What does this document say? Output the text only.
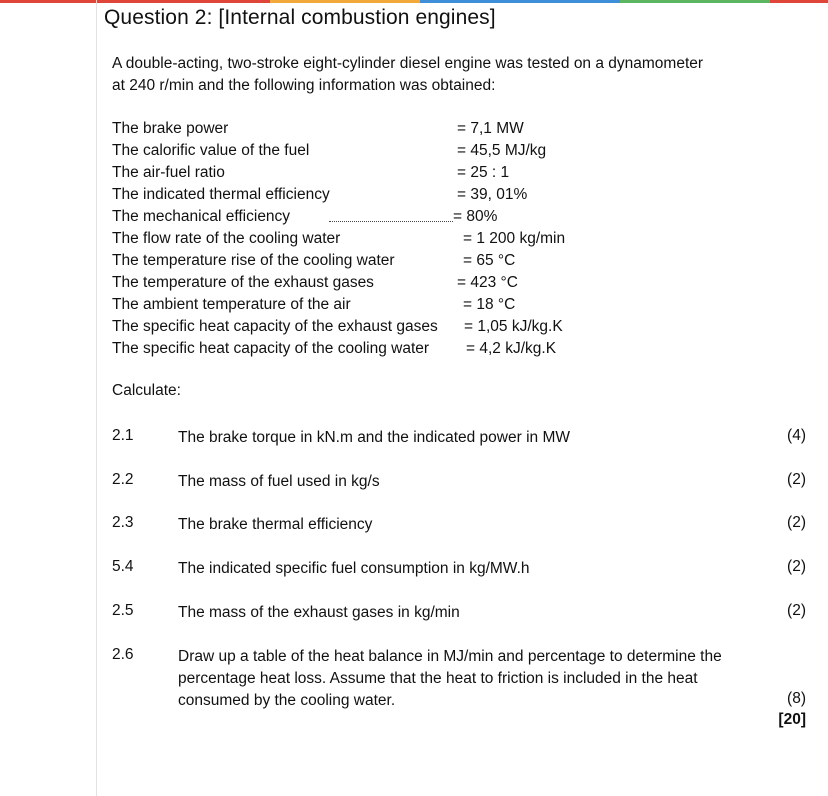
Question 2: [Internal combustion engines]
A double-acting, two-stroke eight-cylinder diesel engine was tested on a dynamometer
at 240 r/min and the following information was obtained:
The brake power	= 7,1 MW
The calorific value of the fuel	= 45,5 MJ/kg
The air-fuel ratio	= 25 : 1
The indicated thermal efficiency	= 39, 01%
The mechanical efficiency	= 80%
The flow rate of the cooling water	= 1 200 kg/min
The temperature rise of the cooling water	= 65 °C
The temperature of the exhaust gases	= 423 °C
The ambient temperature of the air	= 18 °C
The specific heat capacity of the exhaust gases = 1,05 kJ/kg.K
The specific heat capacity of the cooling water = 4,2 kJ/kg.K
Calculate:
2.1	The brake torque in kN.m and the indicated power in MW	(4)
2.2	The mass of fuel used in kg/s	(2)
2.3	The brake thermal efficiency	(2)
5.4	The indicated specific fuel consumption in kg/MW.h	(2)
2.5	The mass of the exhaust gases in kg/min	(2)
2.6	Draw up a table of the heat balance in MJ/min and percentage to determine the percentage heat loss. Assume that the heat to friction is included in the heat consumed by the cooling water.	(8)
[20]
